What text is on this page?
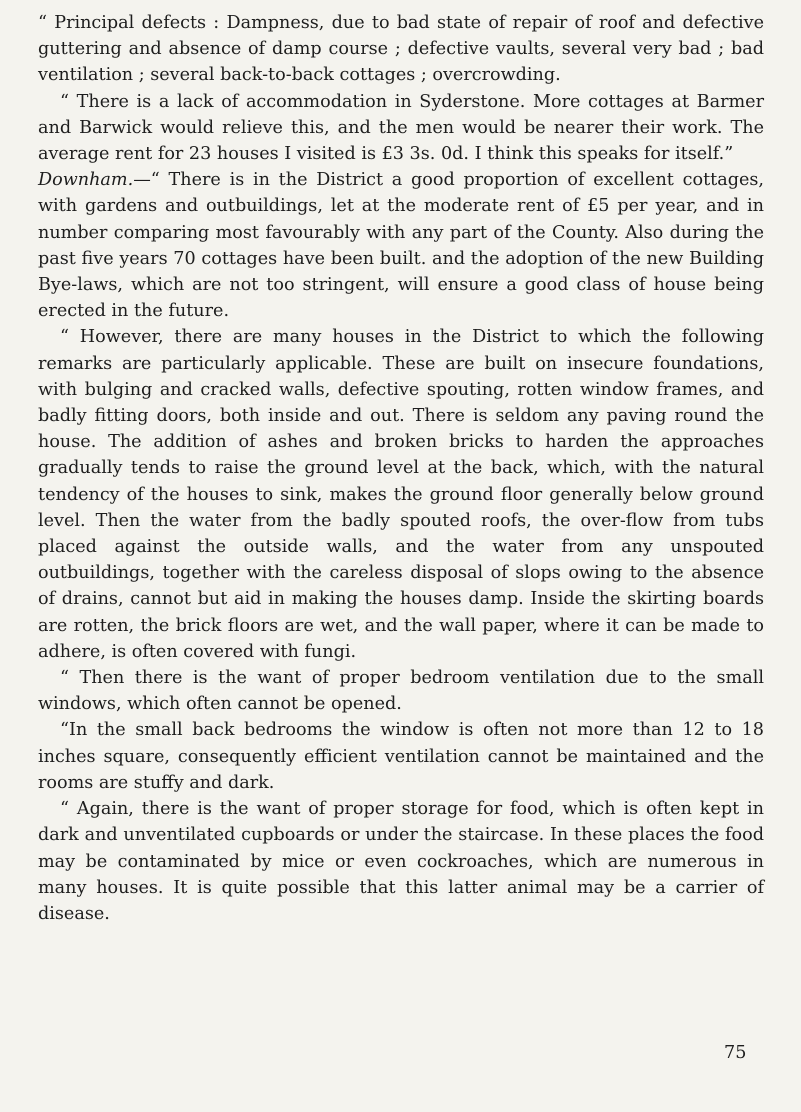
“ Principal defects : Dampness, due to bad state of repair of roof and defective guttering and absence of damp course ; defective vaults, several very bad ; bad ventilation ; several back-to-back cottages ; overcrowding.

“ There is a lack of accommodation in Syderstone. More cottages at Barmer and Barwick would relieve this, and the men would be nearer their work. The average rent for 23 houses I visited is £3 3s. 0d. I think this speaks for itself.”

Downham.—“ There is in the District a good proportion of excellent cottages, with gardens and outbuildings, let at the moderate rent of £5 per year, and in number comparing most favourably with any part of the County. Also during the past five years 70 cottages have been built. and the adoption of the new Building Bye-laws, which are not too stringent, will ensure a good class of house being erected in the future.

“ However, there are many houses in the District to which the following remarks are particularly applicable. These are built on insecure foundations, with bulging and cracked walls, defective spouting, rotten window frames, and badly fitting doors, both inside and out. There is seldom any paving round the house. The addition of ashes and broken bricks to harden the approaches gradually tends to raise the ground level at the back, which, with the natural tendency of the houses to sink, makes the ground floor generally below ground level. Then the water from the badly spouted roofs, the over-flow from tubs placed against the outside walls, and the water from any unspouted outbuildings, together with the careless disposal of slops owing to the absence of drains, cannot but aid in making the houses damp. Inside the skirting boards are rotten, the brick floors are wet, and the wall paper, where it can be made to adhere, is often covered with fungi.

“ Then there is the want of proper bedroom ventilation due to the small windows, which often cannot be opened.

“In the small back bedrooms the window is often not more than 12 to 18 inches square, consequently efficient ventilation cannot be maintained and the rooms are stuffy and dark.

“ Again, there is the want of proper storage for food, which is often kept in dark and unventilated cupboards or under the staircase. In these places the food may be contaminated by mice or even cockroaches, which are numerous in many houses. It is quite possible that this latter animal may be a carrier of disease.

75
